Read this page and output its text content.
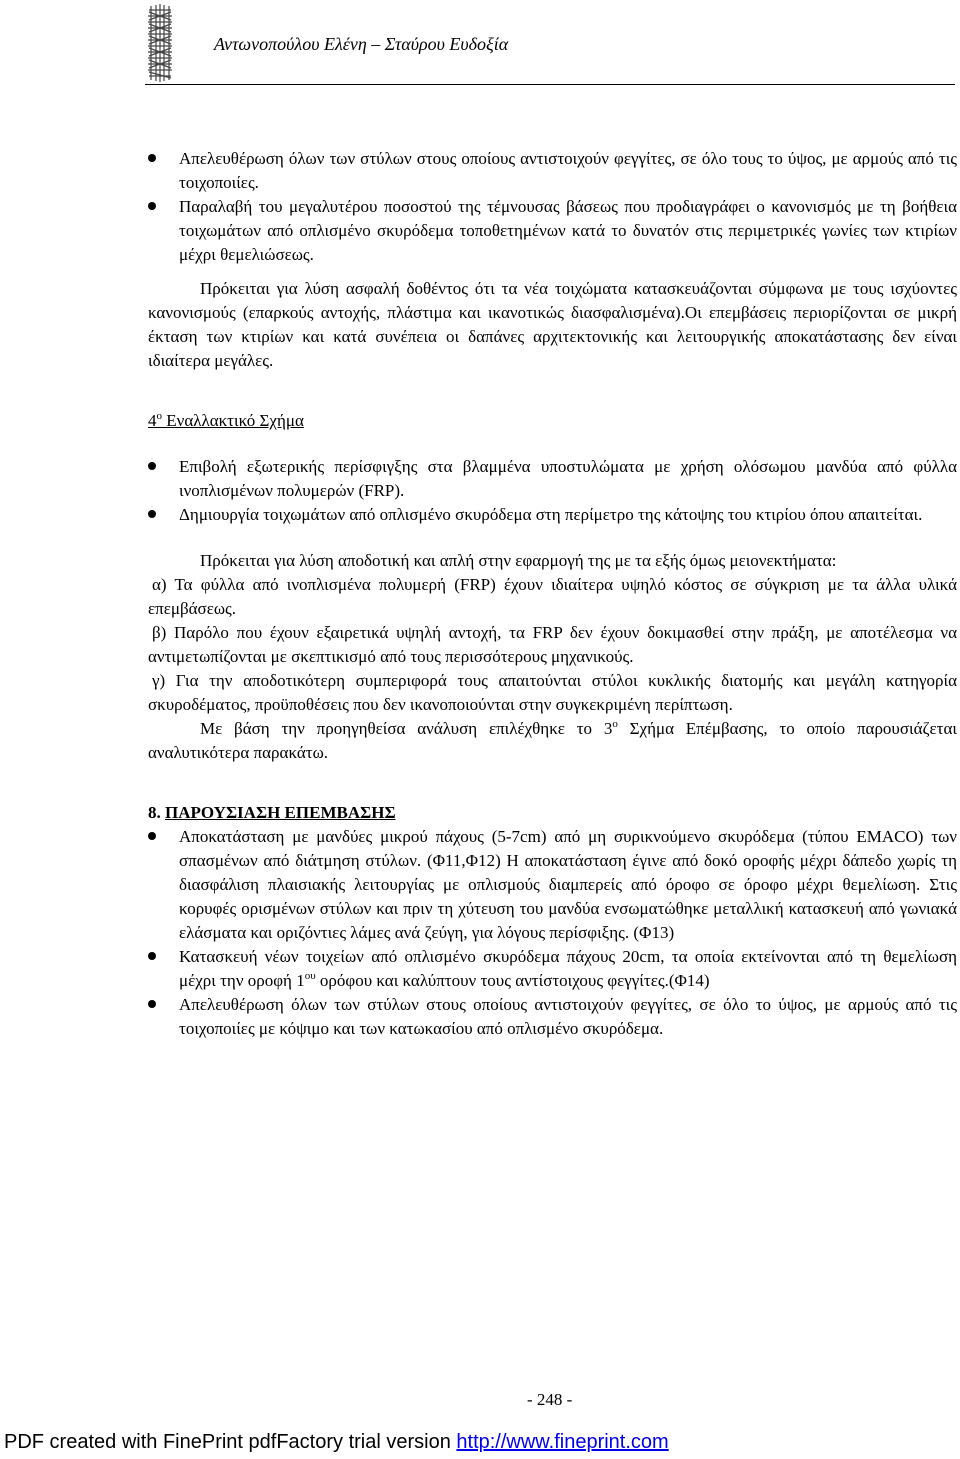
Αντωνοπούλου Ελένη – Σταύρου Ευδοξία
Απελευθέρωση όλων των στύλων στους οποίους αντιστοιχούν φεγγίτες, σε όλο τους το ύψος, με αρμούς από τις τοιχοποιίες.
Παραλαβή του μεγαλυτέρου ποσοστού της τέμνουσας βάσεως που προδιαγράφει ο κανονισμός με τη βοήθεια τοιχωμάτων από οπλισμένο σκυρόδεμα τοποθετημένων κατά το δυνατόν στις περιμετρικές γωνίες των κτιρίων μέχρι θεμελιώσεως.

Πρόκειται για λύση ασφαλή δοθέντος ότι τα νέα τοιχώματα κατασκευάζονται σύμφωνα με τους ισχύοντες κανονισμούς (επαρκούς αντοχής, πλάστιμα και ικανοτικώς διασφαλισμένα).Οι επεμβάσεις περιορίζονται σε μικρή έκταση των κτιρίων και κατά συνέπεια οι δαπάνες αρχιτεκτονικής και λειτουργικής αποκατάστασης δεν είναι ιδιαίτερα μεγάλες.

$4^o$ Εναλλακτικό Σχήμα

Επιβολή εξωτερικής περίσφιγξης στα βλαμμένα υποστυλώματα με χρήση ολόσωμου μανδύα από φύλλα ινοπλισμένων πολυμερών (FRP).
Δημιουργία τοιχωμάτων από οπλισμένο σκυρόδεμα στη περίμετρο της κάτοψης του κτιρίου όπου απαιτείται.

Πρόκειται για λύση αποδοτική και απλή στην εφαρμογή της με τα εξής όμως μειονεκτήματα:

α) Τα φύλλα από ινοπλισμένα πολυμερή (FRP) έχουν ιδιαίτερα υψηλό κόστος σε σύγκριση με τα άλλα υλικά επεμβάσεως.

β) Παρόλο που έχουν εξαιρετικά υψηλή αντοχή, τα FRP δεν έχουν δοκιμασθεί στην πράξη, με αποτέλεσμα να αντιμετωπίζονται με σκεπτικισμό από τους περισσότερους μηχανικούς.

γ) Για την αποδοτικότερη συμπεριφορά τους απαιτούνται στύλοι κυκλικής διατομής και μεγάλη κατηγορία σκυροδέματος, προϋποθέσεις που δεν ικανοποιούνται στην συγκεκριμένη περίπτωση.

Με βάση την προηγηθείσα ανάλυση επιλέχθηκε το $3^o$ Σχήμα Επέμβασης, το οποίο παρουσιάζεται αναλυτικότερα παρακάτω.

8. ΠΑΡΟΥΣΙΑΣΗ ΕΠΕΜΒΑΣΗΣ

Αποκατάσταση με μανδύες μικρού πάχους (5-7cm) από μη συρικνούμενο σκυρόδεμα (τύπου EMACO) των σπασμένων από διάτμηση στύλων. (Φ11,Φ12) Η αποκατάσταση έγινε από δοκό οροφής μέχρι δάπεδο χωρίς τη διασφάλιση πλαισιακής λειτουργίας με οπλισμούς διαμπερείς από όροφο σε όροφο μέχρι θεμελίωση. Στις κορυφές ορισμένων στύλων και πριν τη χύτευση του μανδύα ενσωματώθηκε μεταλλική κατασκευή από γωνιακά ελάσματα και οριζόντιες λάμες ανά ζεύγη, για λόγους περίσφιξης. (Φ13)
Κατασκευή νέων τοιχείων από οπλισμένο σκυρόδεμα πάχους 20cm, τα οποία εκτείνονται από τη θεμελίωση μέχρι την οροφή $1^{o\upsilon}$ ορόφου και καλύπτουν τους αντίστοιχους φεγγίτες.(Φ14)
Απελευθέρωση όλων των στύλων στους οποίους αντιστοιχούν φεγγίτες, σε όλο το ύψος, με αρμούς από τις τοιχοποιίες με κόψιμο και των κατωκασίου από οπλισμένο σκυρόδεμα.
- 248 -
PDF created with FinePrint pdfFactory trial version http://www.fineprint.com
